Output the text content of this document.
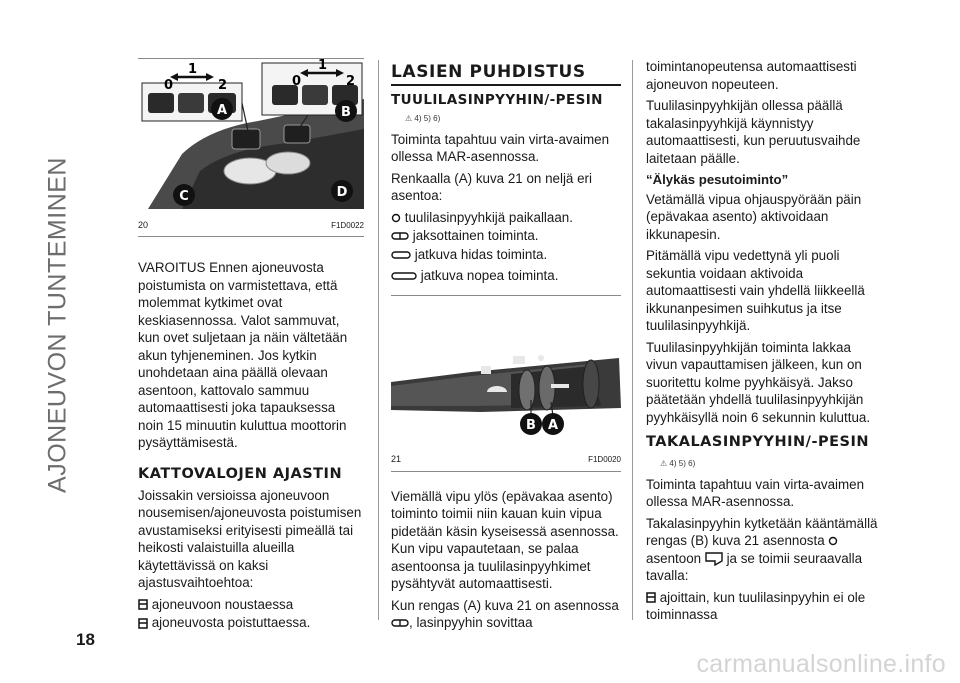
AJONEUVON TUNTEMINEN
18
carmanualsonline.info
0
1
2	0
1
2
A	B
C	D
20	F1D0022

VAROITUS Ennen ajoneuvosta poistumista on varmistettava, että molemmat kytkimet ovat keskiasennossa. Valot sammuvat, kun ovet suljetaan ja näin vältetään akun tyhjeneminen. Jos kytkin unohdetaan aina päällä olevaan asentoon, kattovalo sammuu automaattisesti joka tapauksessa noin 15 minuutin kuluttua moottorin pysäyttämisestä.

KATTOVALOJEN AJASTIN

Joissakin versioissa ajoneuvoon nousemisen/ajoneuvosta poistumisen avustamiseksi erityisesti pimeällä tai heikosti valaistuilla alueilla käytettävissä on kaksi ajastusvaihtoehtoa:

ajoneuvoon noustaessa
ajoneuvosta poistuttaessa.
LASIEN PUHDISTUS
TUULILASINPYYHIN/-PESIN
⚠ 4) 5) 6)

Toiminta tapahtuu vain virta-avaimen ollessa MAR-asennossa.

Renkaalla (A) kuva 21 on neljä eri asentoa:

tuulilasinpyyhkijä paikallaan.
jaksottainen toiminta.
jatkuva hidas toiminta.
jatkuva nopea toiminta.
B A
21	F1D0020

Viemällä vipu ylös (epävakaa asento) toiminto toimii niin kauan kuin vipua pidetään käsin kyseisessä asennossa. Kun vipu vapautetaan, se palaa asentoonsa ja tuulilasinpyyhkimet pysähtyvät automaattisesti.

Kun rengas (A) kuva 21 on asennossa , lasinpyyhin sovittaa

toimintanopeutensa automaattisesti ajoneuvon nopeuteen.

Tuulilasinpyyhkijän ollessa päällä takalasinpyyhkijä käynnistyy automaattisesti, kun peruutusvaihde laitetaan päälle.

“Älykäs pesutoiminto”

Vetämällä vipua ohjauspyörään päin (epävakaa asento) aktivoidaan ikkunapesin.

Pitämällä vipu vedettynä yli puoli sekuntia voidaan aktivoida automaattisesti vain yhdellä liikkeellä ikkunanpesimen suihkutus ja itse tuulilasinpyyhkijä.

Tuulilasinpyyhkijän toiminta lakkaa vivun vapauttamisen jälkeen, kun on suoritettu kolme pyyhkäisyä. Jakso päätetään yhdellä tuulilasinpyyhkijän pyyhkäisyllä noin 6 sekunnin kuluttua.

TAKALASINPYYHIN/-PESIN
⚠ 4) 5) 6)

Toiminta tapahtuu vain virta-avaimen ollessa MAR-asennossa.

Takalasinpyyhin kytketään kääntämällä rengas (B) kuva 21 asennosta
asentoon ja se toimii seuraavalla tavalla:

ajoittain, kun tuulilasinpyyhin ei ole toiminnassa
